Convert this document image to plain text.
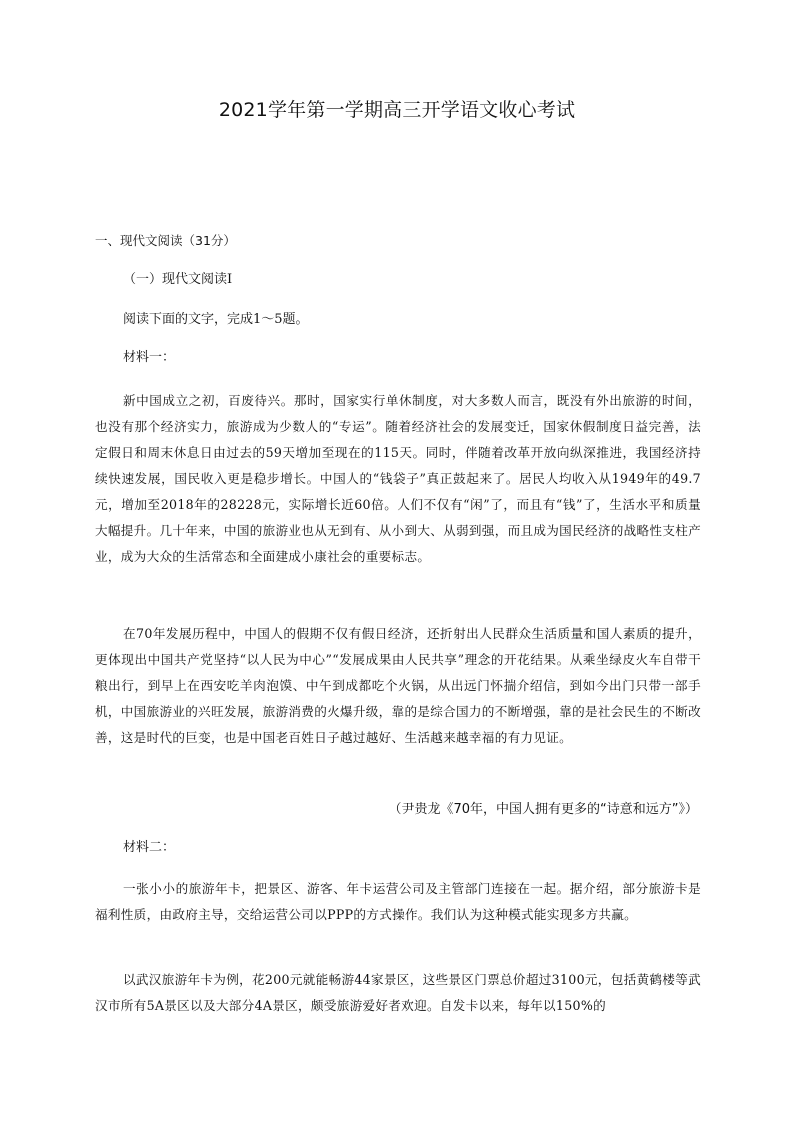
2021学年第一学期高三开学语文收心考试
一、现代文阅读（31分）
（一）现代文阅读Ⅰ
阅读下面的文字，完成1～5题。
材料一：
新中国成立之初，百废待兴。那时，国家实行单休制度，对大多数人而言，既没有外出旅游的时间，也没有那个经济实力，旅游成为少数人的“专运”。随着经济社会的发展变迁，国家休假制度日益完善，法定假日和周末休息日由过去的59天增加至现在的115天。同时，伴随着改革开放向纵深推进，我国经济持续快速发展，国民收入更是稳步增长。中国人的“钱袋子”真正鼓起来了。居民人均收入从1949年的49.7元，增加至2018年的28228元，实际增长近60倍。人们不仅有“闲”了，而且有“钱”了，生活水平和质量大幅提升。几十年来，中国的旅游业也从无到有、从小到大、从弱到强，而且成为国民经济的战略性支柱产业，成为大众的生活常态和全面建成小康社会的重要标志。
在70年发展历程中，中国人的假期不仅有假日经济，还折射出人民群众生活质量和国人素质的提升，更体现出中国共产党坚持“以人民为中心”“发展成果由人民共享”理念的开花结果。从乘坐绿皮火车自带干粮出行，到早上在西安吃羊肉泡馍、中午到成都吃个火锅，从出远门怀揣介绍信，到如今出门只带一部手机，中国旅游业的兴旺发展，旅游消费的火爆升级，靠的是综合国力的不断增强，靠的是社会民生的不断改善，这是时代的巨变，也是中国老百姓日子越过越好、生活越来越幸福的有力见证。
（尹贵龙《70年，中国人拥有更多的“诗意和远方”》）
材料二：
一张小小的旅游年卡，把景区、游客、年卡运营公司及主管部门连接在一起。据介绍，部分旅游卡是福利性质，由政府主导，交给运营公司以PPP的方式操作。我们认为这种模式能实现多方共赢。
以武汉旅游年卡为例，花200元就能畅游44家景区，这些景区门票总价超过3100元，包括黄鹤楼等武汉市所有5A景区以及大部分4A景区，颇受旅游爱好者欢迎。自发卡以来，每年以150%的
